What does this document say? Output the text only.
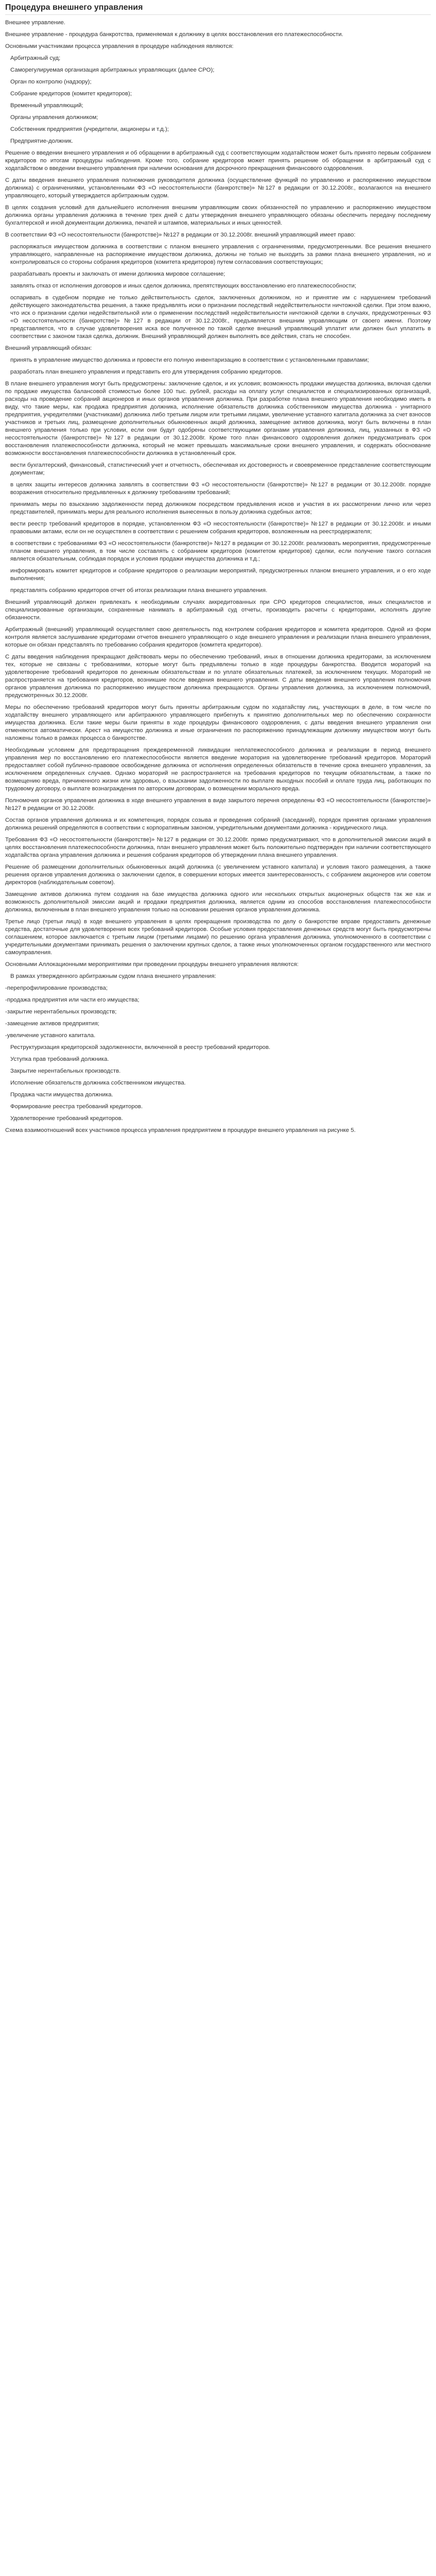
Процедура внешнего управления

Внешнее управление.

Внешнее управление - процедура банкротства, применяемая к должнику в целях восстановления его платежеспособности.

Основными участниками процесса управления в процедуре наблюдения являются:

Арбитражный суд;

Саморегулируемая организация арбитражных управляющих (далее СРО);

Орган по контролю (надзору);

Собрание кредиторов (комитет кредиторов);

Временный управляющий;

Органы управления должником;

Собственник предприятия (учредители, акционеры и т.д.);

Предприятие-должник.

Решение о введении внешнего управления и об обращении в арбитражный суд с соответствующим ходатайством может быть принято первым собранием кредиторов по итогам процедуры наблюдения. Кроме того, собрание кредиторов может принять решение об обращении в арбитражный суд с ходатайством о введении внешнего управления при наличии основания для досрочного прекращения финансового оздоровления.

С даты введения внешнего управления полномочия руководителя должника (осуществление функций по управлению и распоряжению имуществом должника) с ограничениями, установленными ФЗ «О несостоятельности (банкротстве)» №127 в редакции от 30.12.2008г., возлагаются на внешнего управляющего, который утверждается арбитражным судом.

В целях создания условий для дальнейшего исполнения внешним управляющим своих обязанностей по управлению и распоряжению имуществом должника органы управления должника в течение трех дней с даты утверждения внешнего управляющего обязаны обеспечить передачу последнему бухгалтерской и иной документации должника, печатей и штампов, материальных и иных ценностей.

В соответствии ФЗ «О несостоятельности (банкротстве)» №127 в редакции от 30.12.2008г. внешний управляющий имеет право:

распоряжаться имуществом должника в соответствии с планом внешнего управления с ограничениями, предусмотренными. Все решения внешнего управляющего, направленные на распоряжение имуществом должника, должны не только не выходить за рамки плана внешнего управления, но и контролироваться со стороны собрания кредиторов (комитета кредиторов) путем согласования соответствующих;

разрабатывать проекты и заключать от имени должника мировое соглашение;

заявлять отказ от исполнения договоров и иных сделок должника, препятствующих восстановлению его платежеспособности;

оспаривать в судебном порядке не только действительность сделок, заключенных должником, но и принятие им с нарушением требований действующего законодательства решения, а также предъявлять иски о признании последствий недействительности ничтожной сделки. При этом важно, что иск о признании сделки недействительной или о применении последствий недействительности ничтожной сделки в случаях, предусмотренных ФЗ «О несостоятельности (банкротстве)» №127 в редакции от 30.12.2008г., предъявляется внешним управляющим от своего имени. Поэтому представляется, что в случае удовлетворения иска все полученное по такой сделке внешний управляющий уплатит или должен был уплатить в соответствии с законом такая сделка, должник. Внешний управляющий должен выполнять все действия, стать не способен.

Внешний управляющий обязан:

принять в управление имущество должника и провести его полную инвентаризацию в соответствии с установленными правилами;

разработать план внешнего управления и представить его для утверждения собранию кредиторов.

В плане внешнего управления могут быть предусмотрены: заключение сделок, и их условия; возможность продажи имущества должника, включая сделки по продаже имущества балансовой стоимостью более 100 тыс. рублей, расходы на оплату услуг специалистов и специализированных организаций, расходы на проведение собраний акционеров и иных органов управления должника. При разработке плана внешнего управления необходимо иметь в виду, что такие меры, как продажа предприятия должника, исполнение обязательств должника собственником имущества должника - унитарного предприятия, учредителями (участниками) должника либо третьим лицом или третьими лицами, увеличение уставного капитала должника за счет взносов участников и третьих лиц, размещение дополнительных обыкновенных акций должника, замещение активов должника, могут быть включены в план внешнего управления только при условии, если они будут одобрены соответствующими органами управления должника, лиц, указанных в ФЗ «О несостоятельности (банкротстве)» №127 в редакции от 30.12.2008г. Кроме того план финансового оздоровления должен предусматривать срок восстановления платежеспособности должника, который не может превышать максимальные сроки внешнего управления, и содержать обоснование возможности восстановления платежеспособности должника в установленный срок.

вести бухгалтерский, финансовый, статистический учет и отчетность, обеспечивая их достоверность и своевременное представление соответствующим документам;

в целях защиты интересов должника заявлять в соответствии ФЗ «О несостоятельности (банкротстве)» №127 в редакции от 30.12.2008г. порядке возражения относительно предъявленных к должнику требованиям требований;

принимать меры по взысканию задолженности перед должником посредством предъявления исков и участия в их рассмотрении лично или через представителей, принимать меры для реального исполнения вынесенных в пользу должника судебных актов;

вести реестр требований кредиторов в порядке, установленном ФЗ «О несостоятельности (банкротстве)» №127 в редакции от 30.12.2008г. и иными правовыми актами, если он не осуществлен в соответствии с решением собрания кредиторов, возложенным на реестродержателя;

в соответствии с требованиями ФЗ «О несостоятельности (банкротстве)» №127 в редакции от 30.12.2008г. реализовать мероприятия, предусмотренные планом внешнего управления, в том числе составлять с собранием кредиторов (комитетом кредиторов) сделки, если получение такого согласия является обязательным, соблюдая порядок и условия продажи имущества должника и т.д.;

информировать комитет кредиторов и собрание кредиторов о реализации мероприятий, предусмотренных планом внешнего управления, и о его ходе выполнения;

представлять собранию кредиторов отчет об итогах реализации плана внешнего управления.

Внешний управляющий должен привлекать к необходимым случаях аккредитованных при СРО кредиторов специалистов, иных специалистов и специализированные организации, сохраненные нанимать в арбитражный суд отчеты, производить расчеты с кредиторами, исполнять другие обязанности.

Арбитражный (внешний) управляющий осуществляет свою деятельность под контролем собрания кредиторов и комитета кредиторов. Одной из форм контроля является заслушивание кредиторами отчетов внешнего управляющего о ходе внешнего управления и реализации плана внешнего управления, которые он обязан представлять по требованию собрания кредиторов (комитета кредиторов).

С даты введения наблюдения прекращают действовать меры по обеспечению требований, иных в отношении должника кредиторами, за исключением тех, которые не связаны с требованиями, которые могут быть предъявлены только в ходе процедуры банкротства. Вводится мораторий на удовлетворение требований кредиторов по денежным обязательствам и по уплате обязательных платежей, за исключением текущих. Мораторий не распространяется на требования кредиторов, возникшие после введения внешнего управления. С даты введения внешнего управления полномочия органов управления должника по распоряжению имуществом должника прекращаются. Органы управления должника, за исключением полномочий, предусмотренных 30.12.2008г.

Меры по обеспечению требований кредиторов могут быть приняты арбитражным судом по ходатайству лиц, участвующих в деле, в том числе по ходатайству внешнего управляющего или арбитражного управляющего прибегнуть к принятию дополнительных мер по обеспечению сохранности имущества должника. Если такие меры были приняты в ходе процедуры финансового оздоровления, с даты введения внешнего управления они отменяются автоматически. Арест на имущество должника и иные ограничения по распоряжению принадлежащим должнику имуществом могут быть наложены только в рамках процесса о банкротстве.

Необходимым условием для предотвращения преждевременной ликвидации неплатежеспособного должника и реализации в период внешнего управления мер по восстановлению его платежеспособности является введение моратория на удовлетворение требований кредиторов. Мораторий предоставляет собой публично-правовое освобождение должника от исполнения определенных обязательств в течение срока внешнего управления, за исключением определенных случаев. Однако мораторий не распространяется на требования кредиторов по текущим обязательствам, а также по возмещению вреда, причиненного жизни или здоровью, о взыскании задолженности по выплате выходных пособий и оплате труда лиц, работающих по трудовому договору, о выплате вознаграждения по авторским договорам, о возмещении морального вреда.

Полномочия органов управления должника в ходе внешнего управления в виде закрытого перечня определены ФЗ «О несостоятельности (банкротстве)» №127 в редакции от 30.12.2008г.

Состав органов управления должника и их компетенция, порядок созыва и проведения собраний (заседаний), порядок принятия органами управления должника решений определяются в соответствии с корпоративным законом, учредительными документами должника - юридического лица.

Требования ФЗ «О несостоятельности (банкротстве)» №127 в редакции от 30.12.2008г. прямо предусматривают, что в дополнительной эмиссии акций в целях восстановления платежеспособности должника, план внешнего управления может быть положительно подтвержден при наличии соответствующего ходатайства органа управления должника и решения собрания кредиторов об утверждении плана внешнего управления.

Решение об размещении дополнительных обыкновенных акций должника (с увеличением уставного капитала) и условия такого размещения, а также решения органов управления должника о заключении сделок, в совершении которых имеется заинтересованность, с собранием акционеров или советом директоров (наблюдательным советом).

Замещение активов должника путем создания на базе имущества должника одного или нескольких открытых акционерных обществ так же как и возможность дополнительной эмиссии акций и продажи предприятия должника, является одним из способов восстановления платежеспособности должника, включенным в план внешнего управления только на основании решения органов управления должника.

Третье лицо (третьи лица) в ходе внешнего управления в целях прекращения производства по делу о банкротстве вправе предоставить денежные средства, достаточные для удовлетворения всех требований кредиторов. Особые условия предоставления денежных средств могут быть предусмотрены соглашением, которое заключается с третьим лицом (третьими лицами) по решению органа управления должника, уполномоченного в соответствии с учредительными документами принимать решения о заключении крупных сделок, а также иных уполномоченных органом государственного или местного самоуправления.

Основными Аллокационными мероприятиями при проведении процедуры внешнего управления являются:

В рамках утвержденного арбитражным судом плана внешнего управления:

-перепрофилирование производства;

-продажа предприятия или части его имущества;

-закрытие нерентабельных производств;

-замещение активов предприятия;

-увеличение уставного капитала.

Реструктуризация кредиторской задолженности, включенной в реестр требований кредиторов.

Уступка прав требований должника.

Закрытие нерентабельных производств.

Исполнение обязательств должника собственником имущества.

Продажа части имущества должника.

Формирование реестра требований кредиторов.

Удовлетворение требований кредиторов.

Схема взаимоотношений всех участников процесса управления предприятием в процедуре внешнего управления на рисунке 5.
